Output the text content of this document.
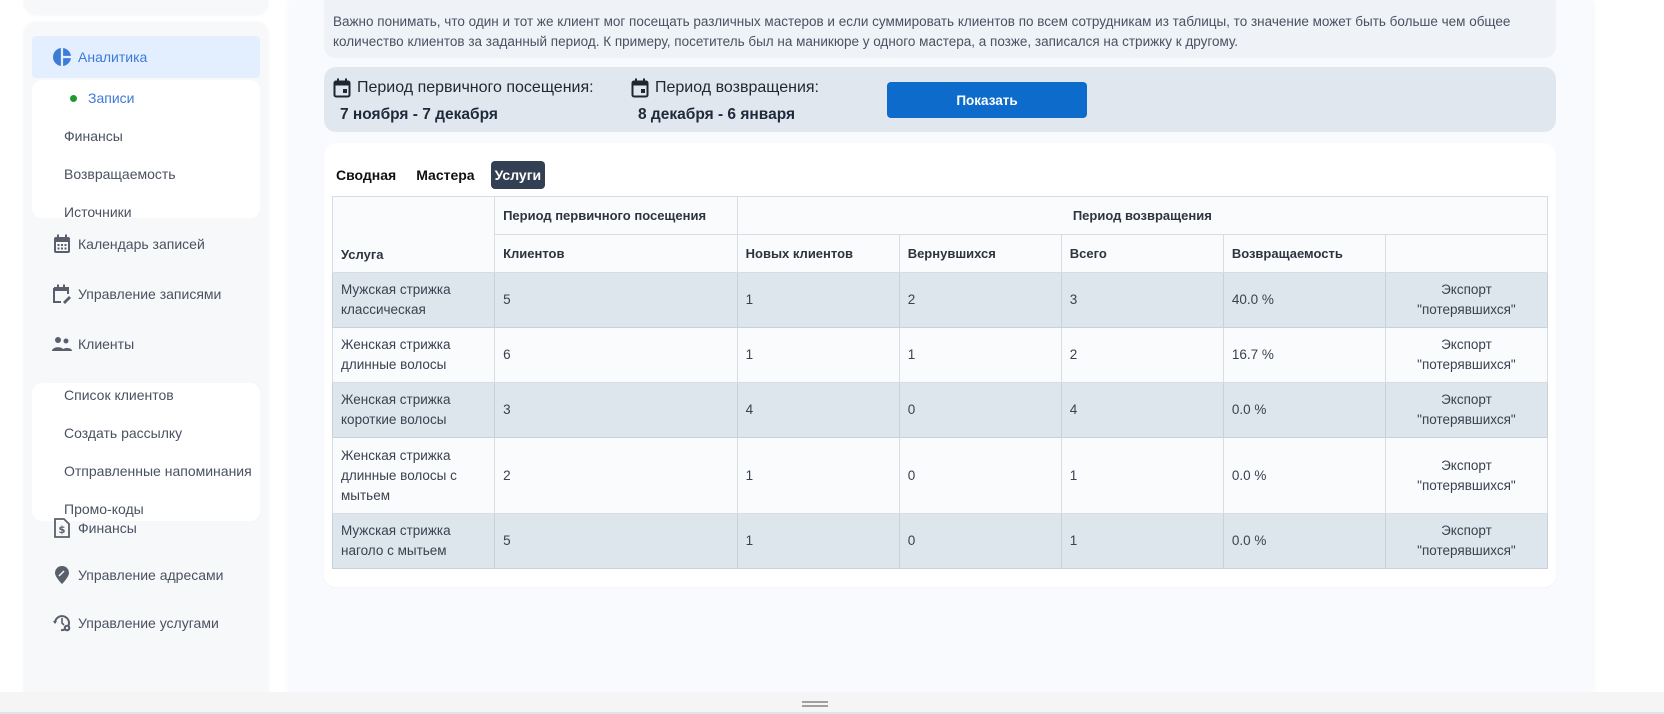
Аналитика
Записи
Финансы
Возвращаемость
Источники
Календарь записей
Управление записями
Клиенты
Список клиентов
Создать рассылку
Отправленные напоминания
Промо-коды
$ Финансы
Управление адресами
Управление услугами

Важно понимать, что один и тот же клиент мог посещать различных мастеров и если суммировать клиентов по всем сотрудникам из таблицы, то значение может быть больше чем общее количество клиентов за заданный период. К примеру, посетитель был на маникюре у одного мастера, а позже, записался на стрижку к другому.

Период первичного посещения:
7 ноября - 7 декабря
Период возвращения:
8 декабря - 6 января
Показать
Сводная Мастера Услуги
Услуга	Период первичного посещения	Период возвращения				
	Клиентов	Новых клиентов	Вернувшихся	Всего	Возвращаемость	
Мужская стрижка классическая	5	1	2	3	40.0 %	Экспорт "потерявшихся"
Женская стрижка длинные волосы	6	1	1	2	16.7 %	Экспорт "потерявшихся"
Женская стрижка короткие волосы	3	4	0	4	0.0 %	Экспорт "потерявшихся"
Женская стрижка длинные волосы с мытьем	2	1	0	1	0.0 %	Экспорт "потерявшихся"
Мужская стрижка наголо с мытьем	5	1	0	1	0.0 %	Экспорт "потерявшихся"
